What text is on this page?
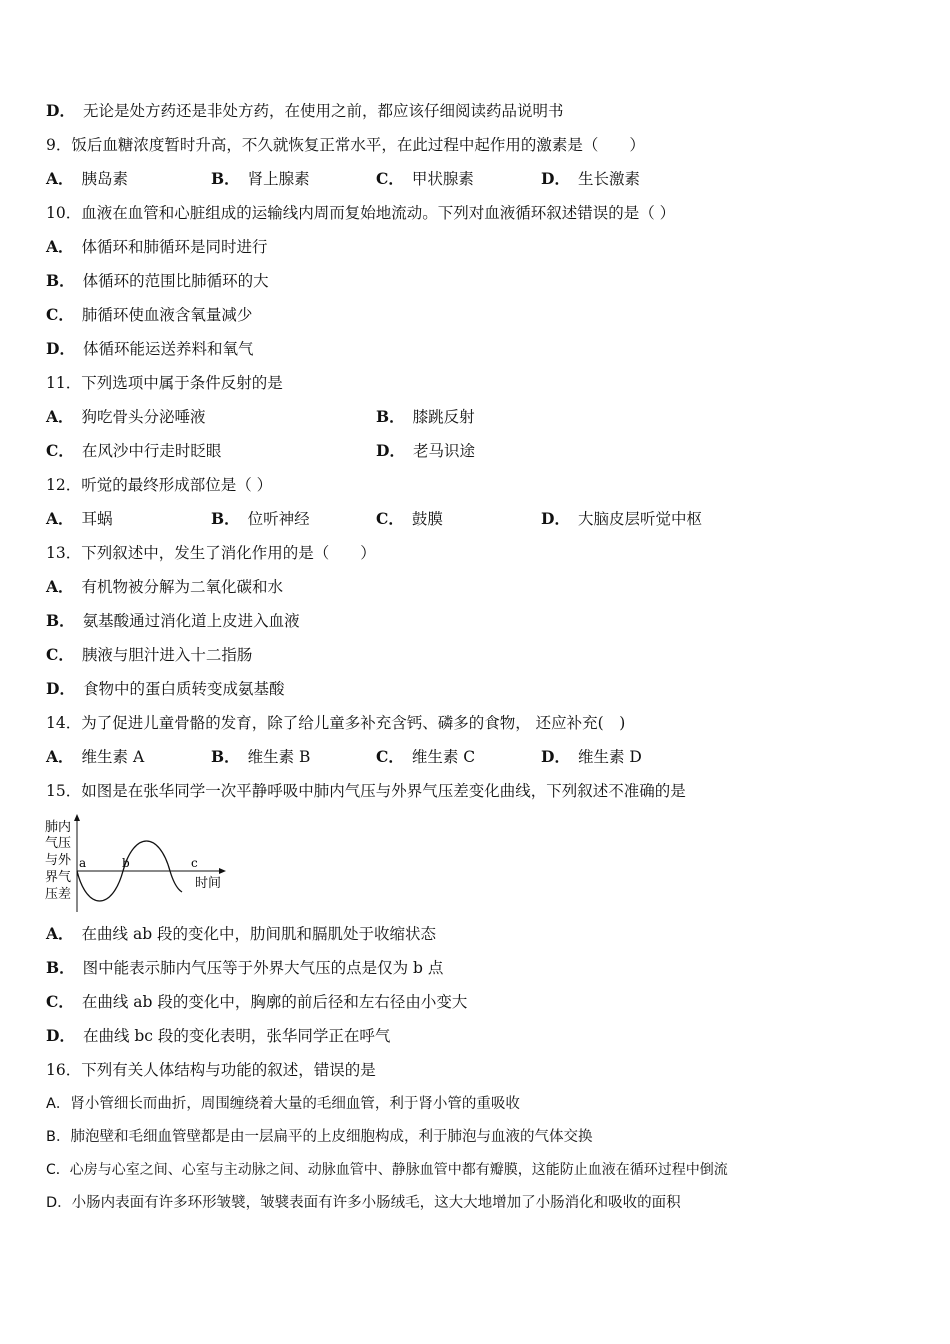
D． 无论是处方药还是非处方药，在使用之前，都应该仔细阅读药品说明书
9．饭后血糖浓度暂时升高，不久就恢复正常水平，在此过程中起作用的激素是（　　）
A． 胰岛素	B． 肾上腺素	C． 甲状腺素	D． 生长激素
10．血液在血管和心脏组成的运输线内周而复始地流动。下列对血液循环叙述错误的是（ ）
A． 体循环和肺循环是同时进行
B． 体循环的范围比肺循环的大
C． 肺循环使血液含氧量减少
D． 体循环能运送养料和氧气
11．下列选项中属于条件反射的是
A． 狗吃骨头分泌唾液	B． 膝跳反射
C． 在风沙中行走时眨眼	D． 老马识途
12．听觉的最终形成部位是（ ）
A． 耳蜗	B． 位听神经	C． 鼓膜	D． 大脑皮层听觉中枢
13．下列叙述中，发生了消化作用的是（　　）
A． 有机物被分解为二氧化碳和水
B． 氨基酸通过消化道上皮进入血液
C． 胰液与胆汁进入十二指肠
D． 食物中的蛋白质转变成氨基酸
14．为了促进儿童骨骼的发育，除了给儿童多补充含钙、磷多的食物， 还应补充(　)
A． 维生素 A	B． 维生素 B	C． 维生素 C	D． 维生素 D
15．如图是在张华同学一次平静呼吸中肺内气压与外界气压差变化曲线，下列叙述不准确的是
肺内
气压
与外
界气
压差
a	b	c
时间
A． 在曲线 ab 段的变化中，肋间肌和膈肌处于收缩状态
B． 图中能表示肺内气压等于外界大气压的点是仅为 b 点
C． 在曲线 ab 段的变化中，胸廓的前后径和左右径由小变大
D． 在曲线 bc 段的变化表明，张华同学正在呼气
16．下列有关人体结构与功能的叙述，错误的是
A．肾小管细长而曲折，周围缠绕着大量的毛细血管，利于肾小管的重吸收
B．肺泡壁和毛细血管壁都是由一层扁平的上皮细胞构成，利于肺泡与血液的气体交换
C．心房与心室之间、心室与主动脉之间、动脉血管中、静脉血管中都有瓣膜，这能防止血液在循环过程中倒流
D．小肠内表面有许多环形皱襞，皱襞表面有许多小肠绒毛，这大大地增加了小肠消化和吸收的面积
